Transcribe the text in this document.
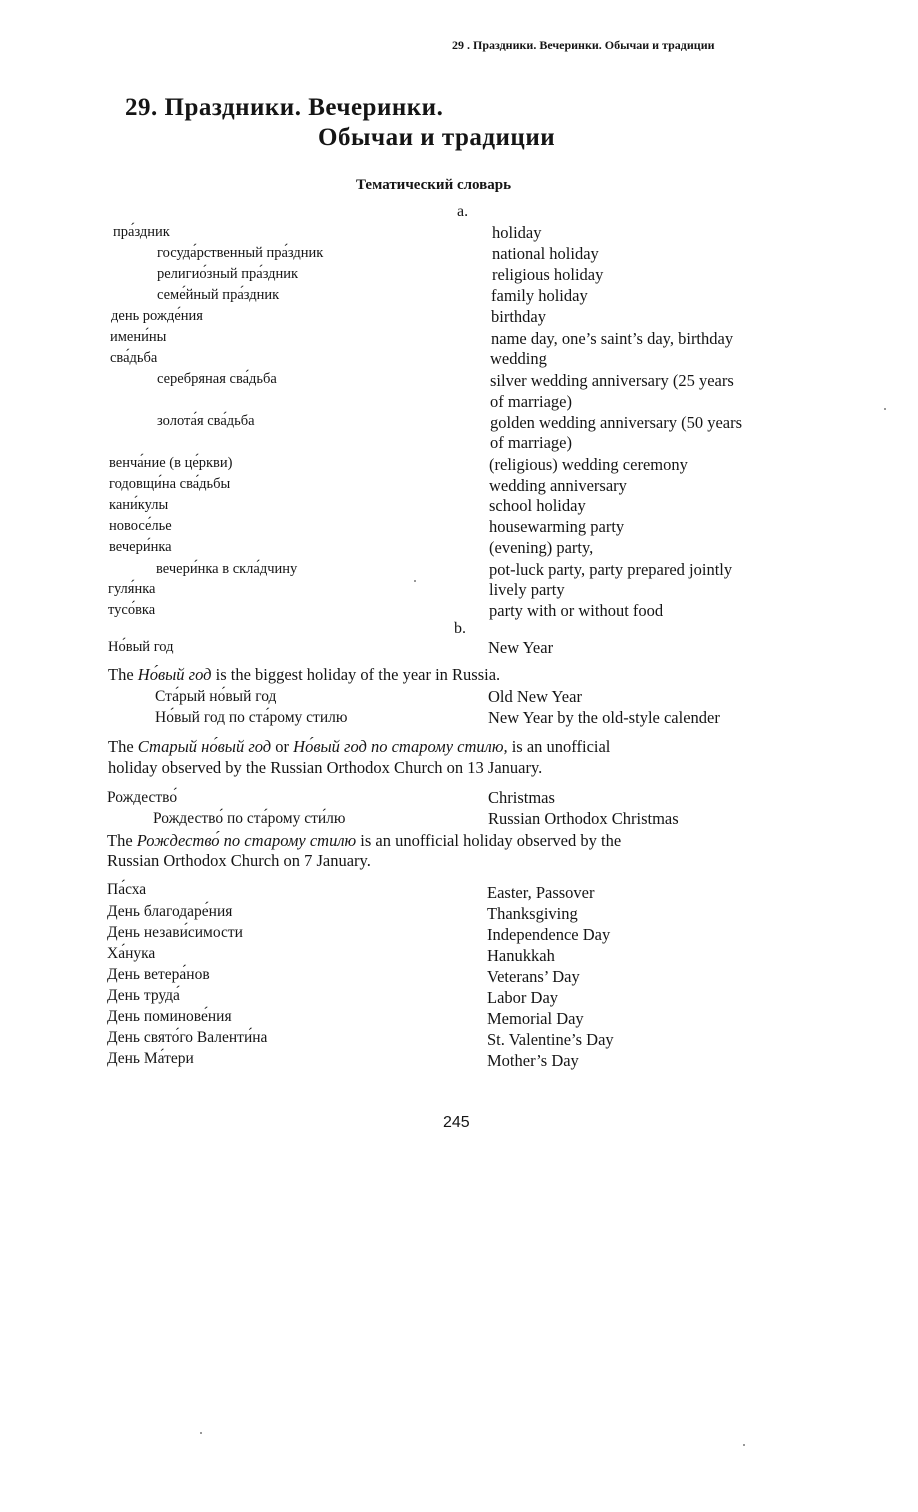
29 . Праздники. Вечеринки. Обычаи и традиции
29. Праздники. Вечеринки.
Обычаи и традиции
Тематический словарь
a.
пра́здник	holiday
госуда́рственный пра́здник	national holiday
религио́зный пра́здник	religious holiday
семе́йный пра́здник	family holiday
день рожде́ния	birthday
имени́ны	name day, one’s saint’s day, birthday
сва́дьба	wedding
серебряная сва́дьба	silver wedding anniversary (25 years
of marriage)
золота́я сва́дьба	golden wedding anniversary (50 years
of marriage)
венча́ние (в це́ркви)	(religious) wedding ceremony
годовщи́на сва́дьбы	wedding anniversary
кани́кулы	school holiday
новосе́лье	housewarming party
вечери́нка	(evening) party,
вечери́нка в скла́дчину	pot-luck party, party prepared jointly
гуля́нка	lively party
тусо́вка	party with or without food
b.
Но́вый год	New Year
The Но́вый год is the biggest holiday of the year in Russia.
Ста́рый но́вый год	Old New Year
Но́вый год по ста́рому стилю	New Year by the old-style calender
The Старый но́вый год or Но́вый год по старому стилю, is an unofficial
holiday observed by the Russian Orthodox Church on 13 January.
Рождество́	Christmas
Рождество́ по ста́рому сти́лю	Russian Orthodox Christmas
The Рождество́ по старому стилю is an unofficial holiday observed by the
Russian Orthodox Church on 7 January.
Па́сха	Easter, Passover
День благодаре́ния	Thanksgiving
День незави́симости	Independence Day
Ха́нука	Hanukkah
День ветера́нов	Veterans’ Day
День труда́	Labor Day
День поминове́ния	Memorial Day
День свято́го Валенти́на	St. Valentine’s Day
День Ма́тери	Mother’s Day
245
